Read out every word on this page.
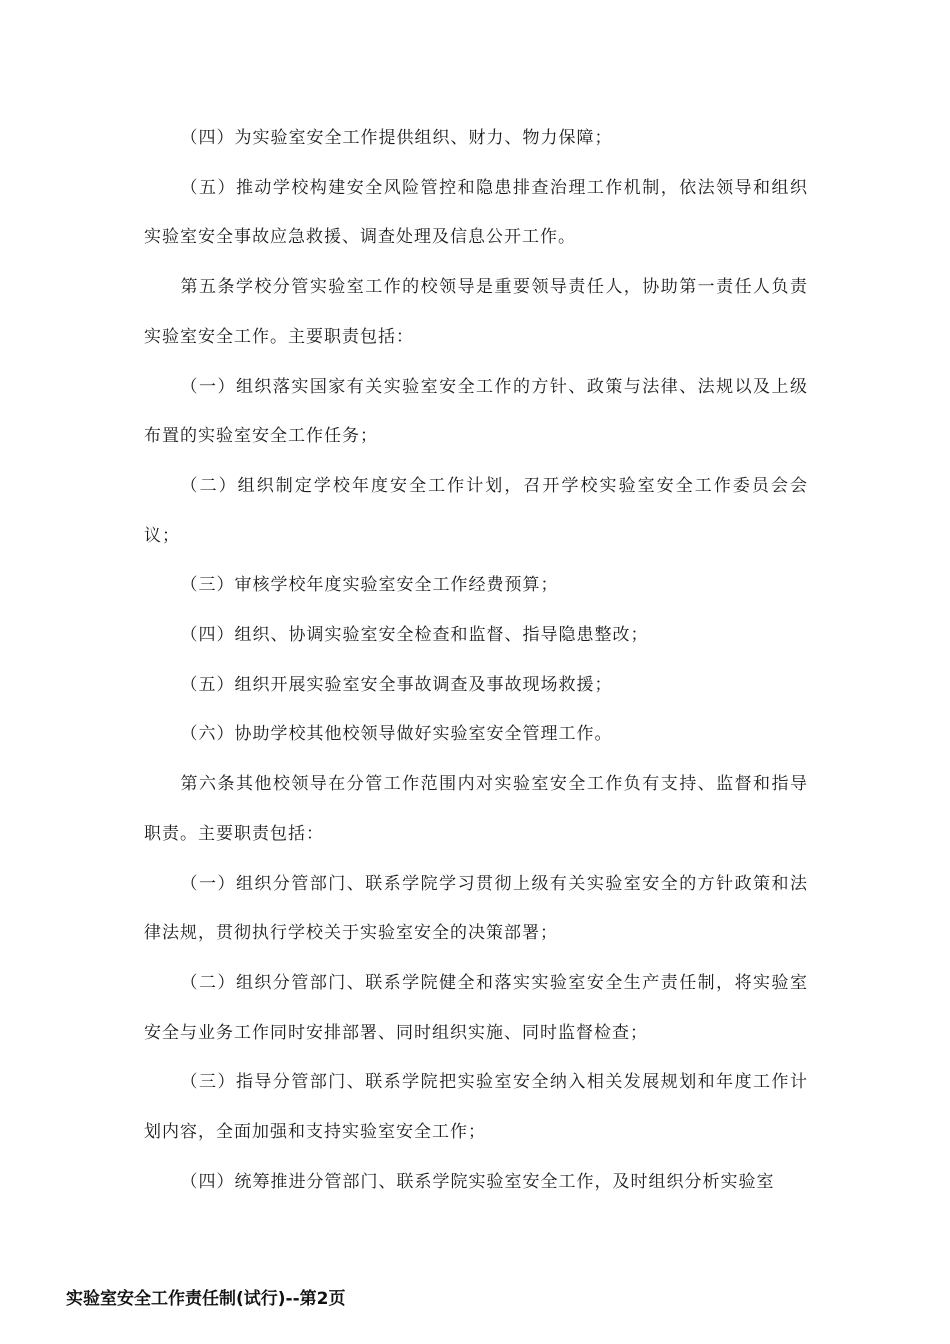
（四）为实验室安全工作提供组织、财力、物力保障；

（五）推动学校构建安全风险管控和隐患排查治理工作机制，依法领导和组织实验室安全事故应急救援、调查处理及信息公开工作。

第五条学校分管实验室工作的校领导是重要领导责任人，协助第一责任人负责实验室安全工作。主要职责包括：

（一）组织落实国家有关实验室安全工作的方针、政策与法律、法规以及上级布置的实验室安全工作任务；

（二）组织制定学校年度安全工作计划，召开学校实验室安全工作委员会会议；

（三）审核学校年度实验室安全工作经费预算；

（四）组织、协调实验室安全检查和监督、指导隐患整改；

（五）组织开展实验室安全事故调查及事故现场救援；

（六）协助学校其他校领导做好实验室安全管理工作。

第六条其他校领导在分管工作范围内对实验室安全工作负有支持、监督和指导职责。主要职责包括：

（一）组织分管部门、联系学院学习贯彻上级有关实验室安全的方针政策和法律法规，贯彻执行学校关于实验室安全的决策部署；

（二）组织分管部门、联系学院健全和落实实验室安全生产责任制，将实验室安全与业务工作同时安排部署、同时组织实施、同时监督检查；

（三）指导分管部门、联系学院把实验室安全纳入相关发展规划和年度工作计划内容，全面加强和支持实验室安全工作；

（四）统筹推进分管部门、联系学院实验室安全工作，及时组织分析实验室

实验室安全工作责任制(试行)--第2页
